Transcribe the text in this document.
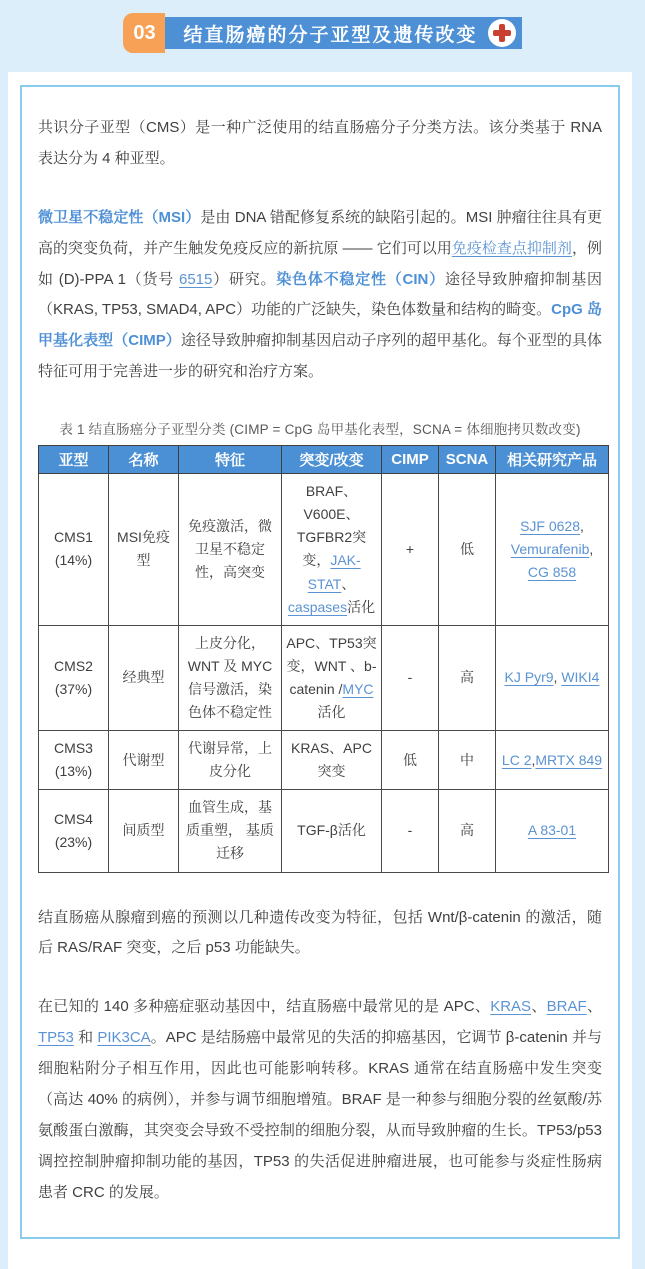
03	结直肠癌的分子亚型及遗传改变

共识分子亚型（CMS）是一种广泛使用的结直肠癌分子分类方法。该分类基于 RNA 表达分为 4 种亚型。

微卫星不稳定性（MSI）是由 DNA 错配修复系统的缺陷引起的。MSI 肿瘤往往具有更高的突变负荷，并产生触发免疫反应的新抗原 —— 它们可以用免疫检查点抑制剂，例如 (D)-PPA 1（货号 6515）研究。染色体不稳定性（CIN）途径导致肿瘤抑制基因（KRAS, TP53, SMAD4, APC）功能的广泛缺失，染色体数量和结构的畸变。CpG 岛甲基化表型（CIMP）途径导致肿瘤抑制基因启动子序列的超甲基化。每个亚型的具体特征可用于完善进一步的研究和治疗方案。

表 1 结直肠癌分子亚型分类 (CIMP = CpG 岛甲基化表型，SCNA = 体细胞拷贝数改变)
亚型	名称	特征	突变/改变	CIMP	SCNA	相关研究产品
CMS1 (14%)	MSI免疫型	免疫激活，微卫星不稳定性，高突变	BRAF、V600E、TGFBR2突变，JAK-STAT、caspases活化	+	低	SJF 0628, Vemurafenib, CG 858
CMS2 (37%)	经典型	上皮分化，WNT 及 MYC信号激活，染色体不稳定性	APC、TP53突变，WNT 、b-catenin /MYC 活化	-	高	KJ Pyr9, WIKI4
CMS3 (13%)	代谢型	代谢异常，上皮分化	KRAS、APC 突变	低	中	LC 2,MRTX 849
CMS4 (23%)	间质型	血管生成，基质重塑， 基质迁移	TGF-β活化	-	高	A 83-01

结直肠癌从腺瘤到癌的预测以几种遗传改变为特征，包括 Wnt/β-catenin 的激活，随后 RAS/RAF 突变，之后 p53 功能缺失。

在已知的 140 多种癌症驱动基因中，结直肠癌中最常见的是 APC、KRAS、BRAF、TP53 和 PIK3CA。APC 是结肠癌中最常见的失活的抑癌基因，它调节 β-catenin 并与细胞粘附分子相互作用，因此也可能影响转移。KRAS 通常在结直肠癌中发生突变（高达 40% 的病例），并参与调节细胞增殖。BRAF 是一种参与细胞分裂的丝氨酸/苏氨酸蛋白激酶，其突变会导致不受控制的细胞分裂，从而导致肿瘤的生长。TP53/p53 调控控制肿瘤抑制功能的基因，TP53 的失活促进肿瘤进展，也可能参与炎症性肠病患者 CRC 的发展。
